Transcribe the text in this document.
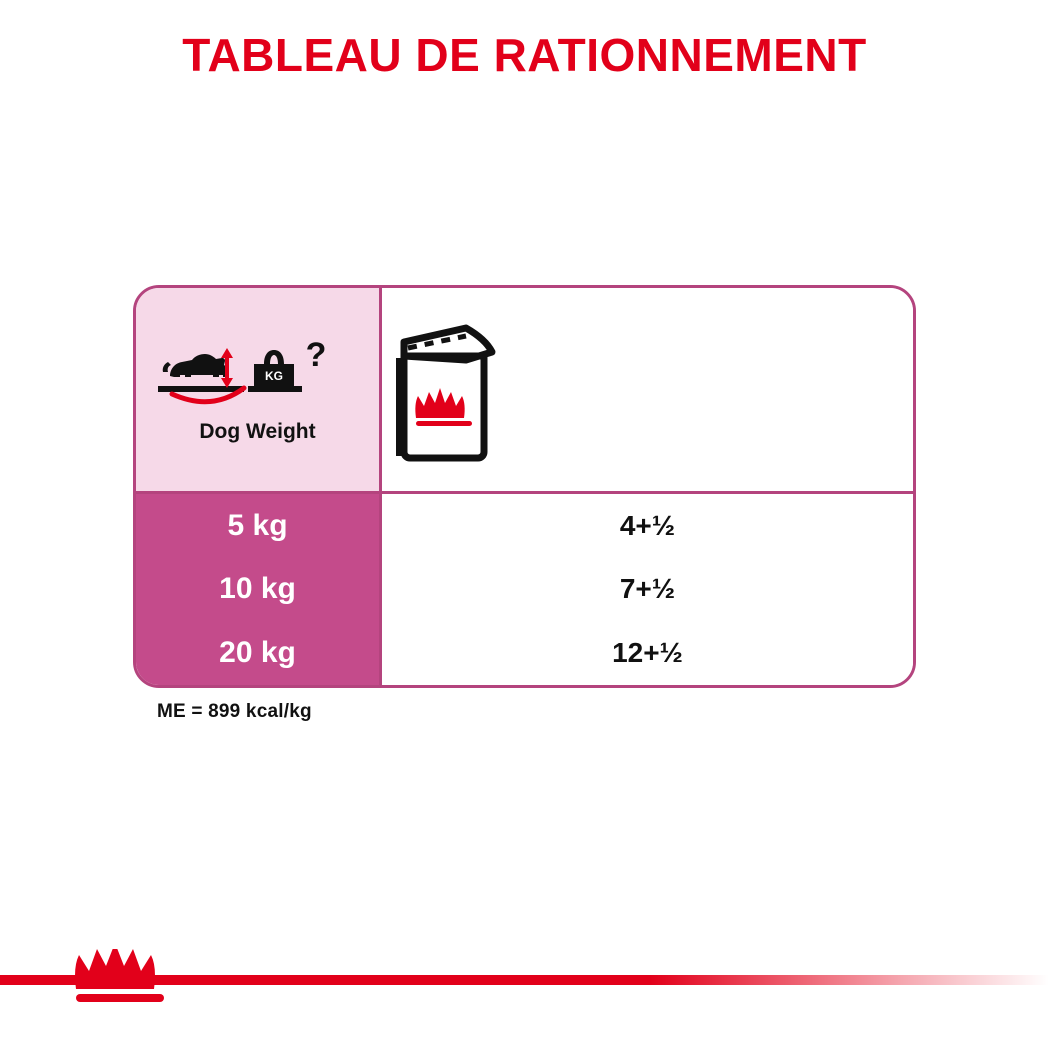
TABLEAU DE RATIONNEMENT
KG
?
Dog Weight

5 kg	4+½
10 kg	7+½
20 kg	12+½
ME = 899 kcal/kg
